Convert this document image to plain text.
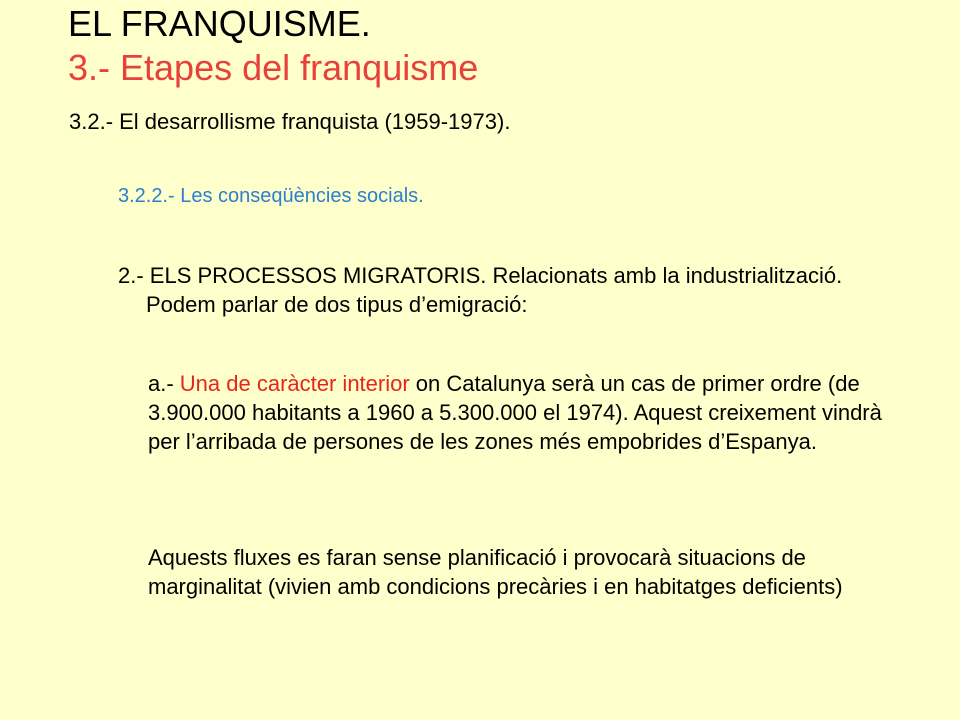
EL FRANQUISME.
3.- Etapes del franquisme
3.2.- El desarrollisme franquista (1959-1973).
3.2.2.- Les conseqüències socials.
2.- ELS PROCESSOS MIGRATORIS. Relacionats amb la industrialització. Podem parlar de dos tipus d’emigració:
a.- Una de caràcter interior on Catalunya serà un cas de primer ordre (de 3.900.000 habitants a 1960 a 5.300.000 el 1974). Aquest creixement vindrà per l’arribada de persones de les zones més empobrides d’Espanya.
Aquests fluxes es faran sense planificació i provocarà situacions de marginalitat (vivien amb condicions precàries i en habitatges deficients)
